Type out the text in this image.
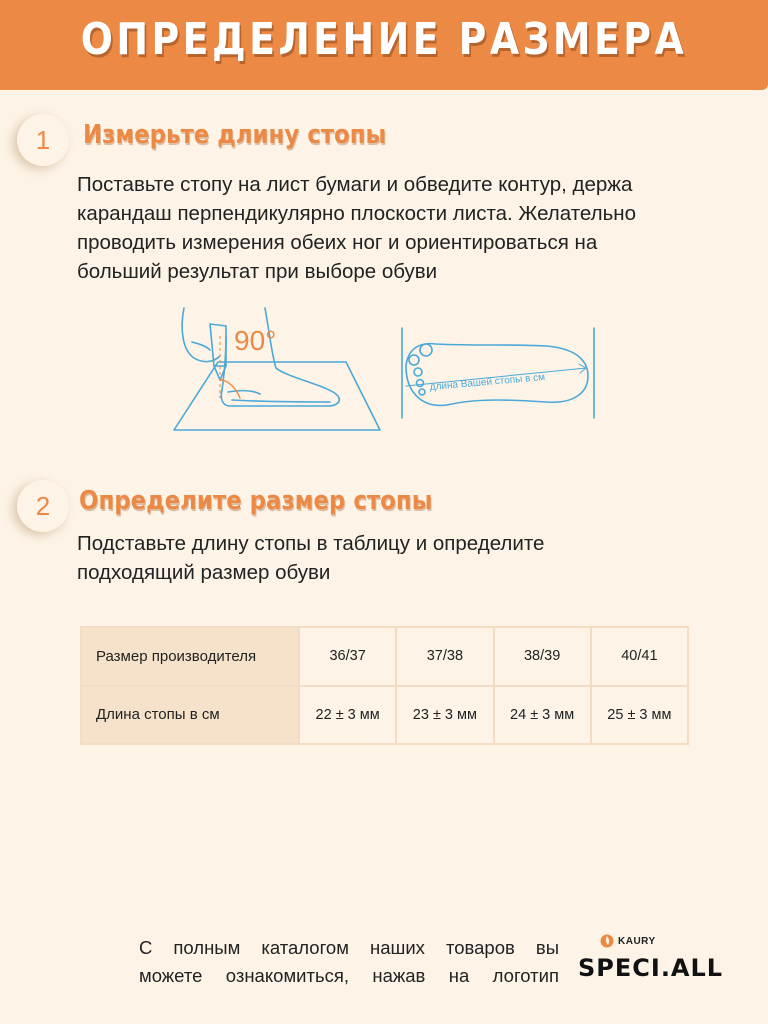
ОПРЕДЕЛЕНИЕ РАЗМЕРА
1	Измерьте длину стопы
Поставьте стопу на лист бумаги и обведите контур, держа
карандаш перпендикулярно плоскости листа. Желательно
проводить измерения обеих ног и ориентироваться на
больший результат при выборе обуви
90°
длина Вашей стопы в см
2	Определите размер стопы
Подставьте длину стопы в таблицу и определите
подходящий размер обуви
Размер производителя	36/37	37/38	38/39	40/41
Длина стопы в см	22 ± 3 мм	23 ± 3 мм	24 ± 3 мм	25 ± 3 мм
С полным каталогом наших товаров вы
можете ознакомиться, нажав на логотип
KAURY
SPECI.ALL
